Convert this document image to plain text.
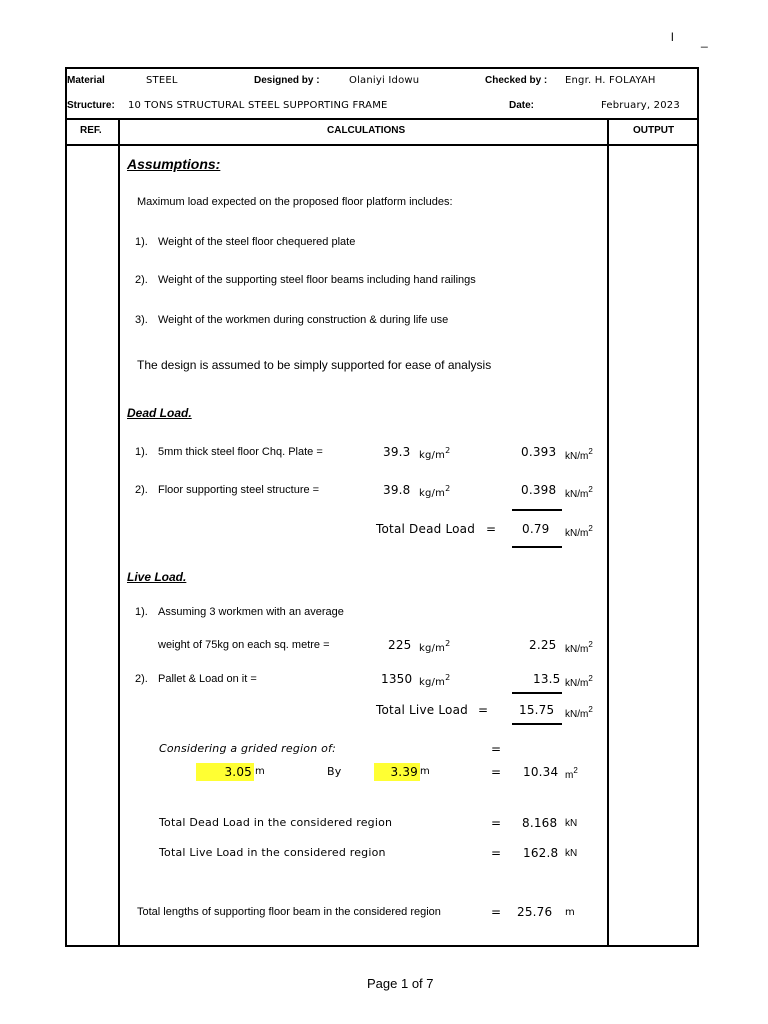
l _
Material	STEEL	Designed by :	Olaniyi Idowu	Checked by : Engr. H. FOLAYAH
Structure: 10 TONS STRUCTURAL STEEL SUPPORTING FRAME	Date:	February, 2023
REF.	CALCULATIONS	OUTPUT
Assumptions:
Maximum load expected on the proposed floor platform includes:
1). Weight of the steel floor chequered plate
2). Weight of the supporting steel floor beams including hand railings
3). Weight of the workmen during construction & during life use
The design is assumed to be simply supported for ease of analysis
Dead Load.
1). 5mm thick steel floor Chq. Plate =	39.3 $kg/m^2$	0.393 $kN/m^2$
2). Floor supporting steel structure =	39.8 $kg/m^2$	0.398 $kN/m^2$
Total Dead Load = 0.79 $kN/m^2$
Live Load.
1). Assuming 3 workmen with an average
weight of 75kg on each sq. metre =	225 $kg/m^2$	2.25 $kN/m^2$
2). Pallet & Load on it =	1350 $kg/m^2$	13.5 $kN/m^2$
Total Live Load =	15.75 $kN/m^2$
Considering a grided region of:	=
3.05 m	By	3.39 m	= 10.34 $m^2$
Total Dead Load in the considered region	= 8.168 kN
Total Live Load in the considered region	= 162.8 kN
Total lengths of supporting floor beam in the considered region	= 25.76 m
Page 1 of 7
